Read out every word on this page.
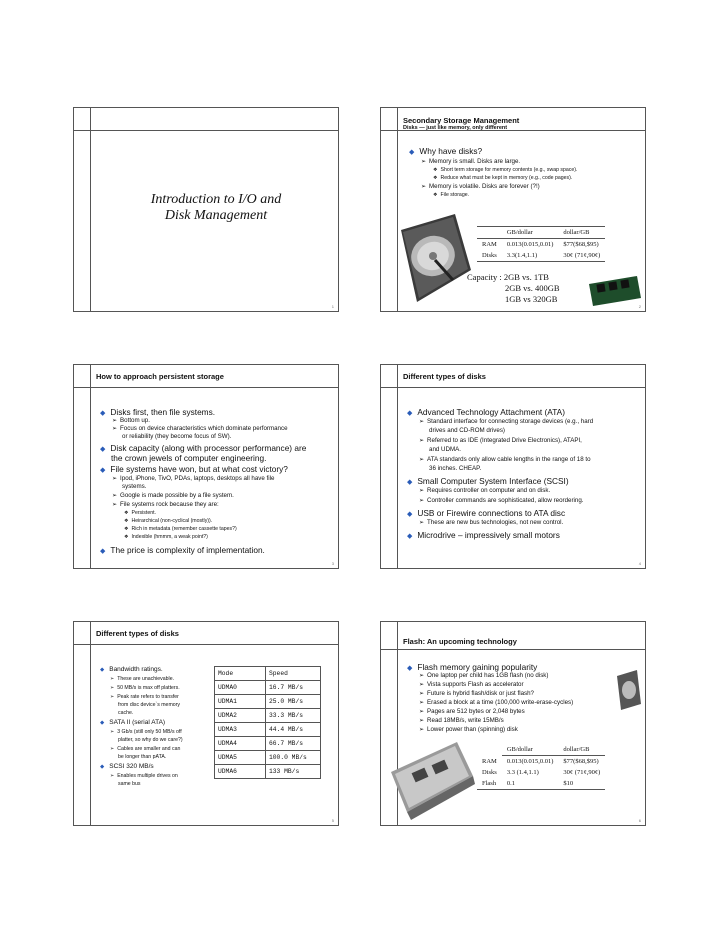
Introduction to I/O and
Disk Management
1
Secondary Storage Management
Disks — just like memory, only different
◆ Why have disks?
➢ Memory is small. Disks are large.
❖ Short term storage for memory contents (e.g., swap space).
❖ Reduce what must be kept in memory (e.g., code pages).
➢ Memory is volatile. Disks are forever (?!)
❖ File storage.
	GB/dollar	dollar/GB
RAM	0.013(0.015,0.01)	$77($68,$95)
Disks	3.3(1.4,1.1)	30¢ (71¢,90¢)
Capacity : 2GB vs. 1TB
2GB vs. 400GB
1GB vs 320GB
2
How to approach persistent storage
◆ Disks first, then file systems.
➢ Bottom up.
➢ Focus on device characteristics which dominate performance
or reliability (they become focus of SW).
◆ Disk capacity (along with processor performance) are
the crown jewels of computer engineering.
◆ File systems have won, but at what cost victory?
➢ Ipod, iPhone, TivO, PDAs, laptops, desktops all have file
systems.
➢ Google is made possible by a file system.
➢ File systems rock because they are:
❖ Persistent.
❖ Heirarchical (non-cyclical (mostly)).
❖ Rich in metadata (remember cassette tapes?)
❖ Indexible (hmmm, a weak point?)
◆ The price is complexity of implementation.
3
Different types of disks
◆ Advanced Technology Attachment (ATA)
➢ Standard interface for connecting storage devices (e.g., hard
drives and CD-ROM drives)
➢ Referred to as IDE (Integrated Drive Electronics), ATAPI,
and UDMA.
➢ ATA standards only allow cable lengths in the range of 18 to
36 inches. CHEAP.
◆ Small Computer System Interface (SCSI)
➢ Requires controller on computer and on disk.
➢ Controller commands are sophisticated, allow reordering.
◆ USB or Firewire connections to ATA disc
➢ These are new bus technologies, not new control.
◆ Microdrive – impressively small motors
4
Different types of disks
◆ Bandwidth ratings.
➢ These are unachievable.
➢ 50 MB/s is max off platters.
➢ Peak rate refers to transfer
from disc device`s memory
cache.
◆ SATA II (serial ATA)
➢ 3 Gb/s (still only 50 MB/s off
platter, so why do we care?)
➢ Cables are smaller and can
be longer than pATA.
◆ SCSI 320 MB/s
➢ Enables multiple drives on
same bus
Mode	Speed
UDMA0	16.7 MB/s
UDMA1	25.0 MB/s
UDMA2	33.3 MB/s
UDMA3	44.4 MB/s
UDMA4	66.7 MB/s
UDMA5	100.0 MB/s
UDMA6	133 MB/s
5
Flash: An upcoming technology
◆ Flash memory gaining popularity
➢ One laptop per child has 1GB flash (no disk)
➢ Vista supports Flash as accelerator
➢ Future is hybrid flash/disk or just flash?
➢ Erased a block at a time (100,000 write-erase-cycles)
➢ Pages are 512 bytes or 2,048 bytes
➢ Read 18MB/s, write 15MB/s
➢ Lower power than (spinning) disk
	GB/dollar	dollar/GB
RAM	0.013(0.015,0.01)	$77($68,$95)
Disks	3.3 (1.4,1.1)	30¢ (71¢,90¢)
Flash	0.1	$10
6
